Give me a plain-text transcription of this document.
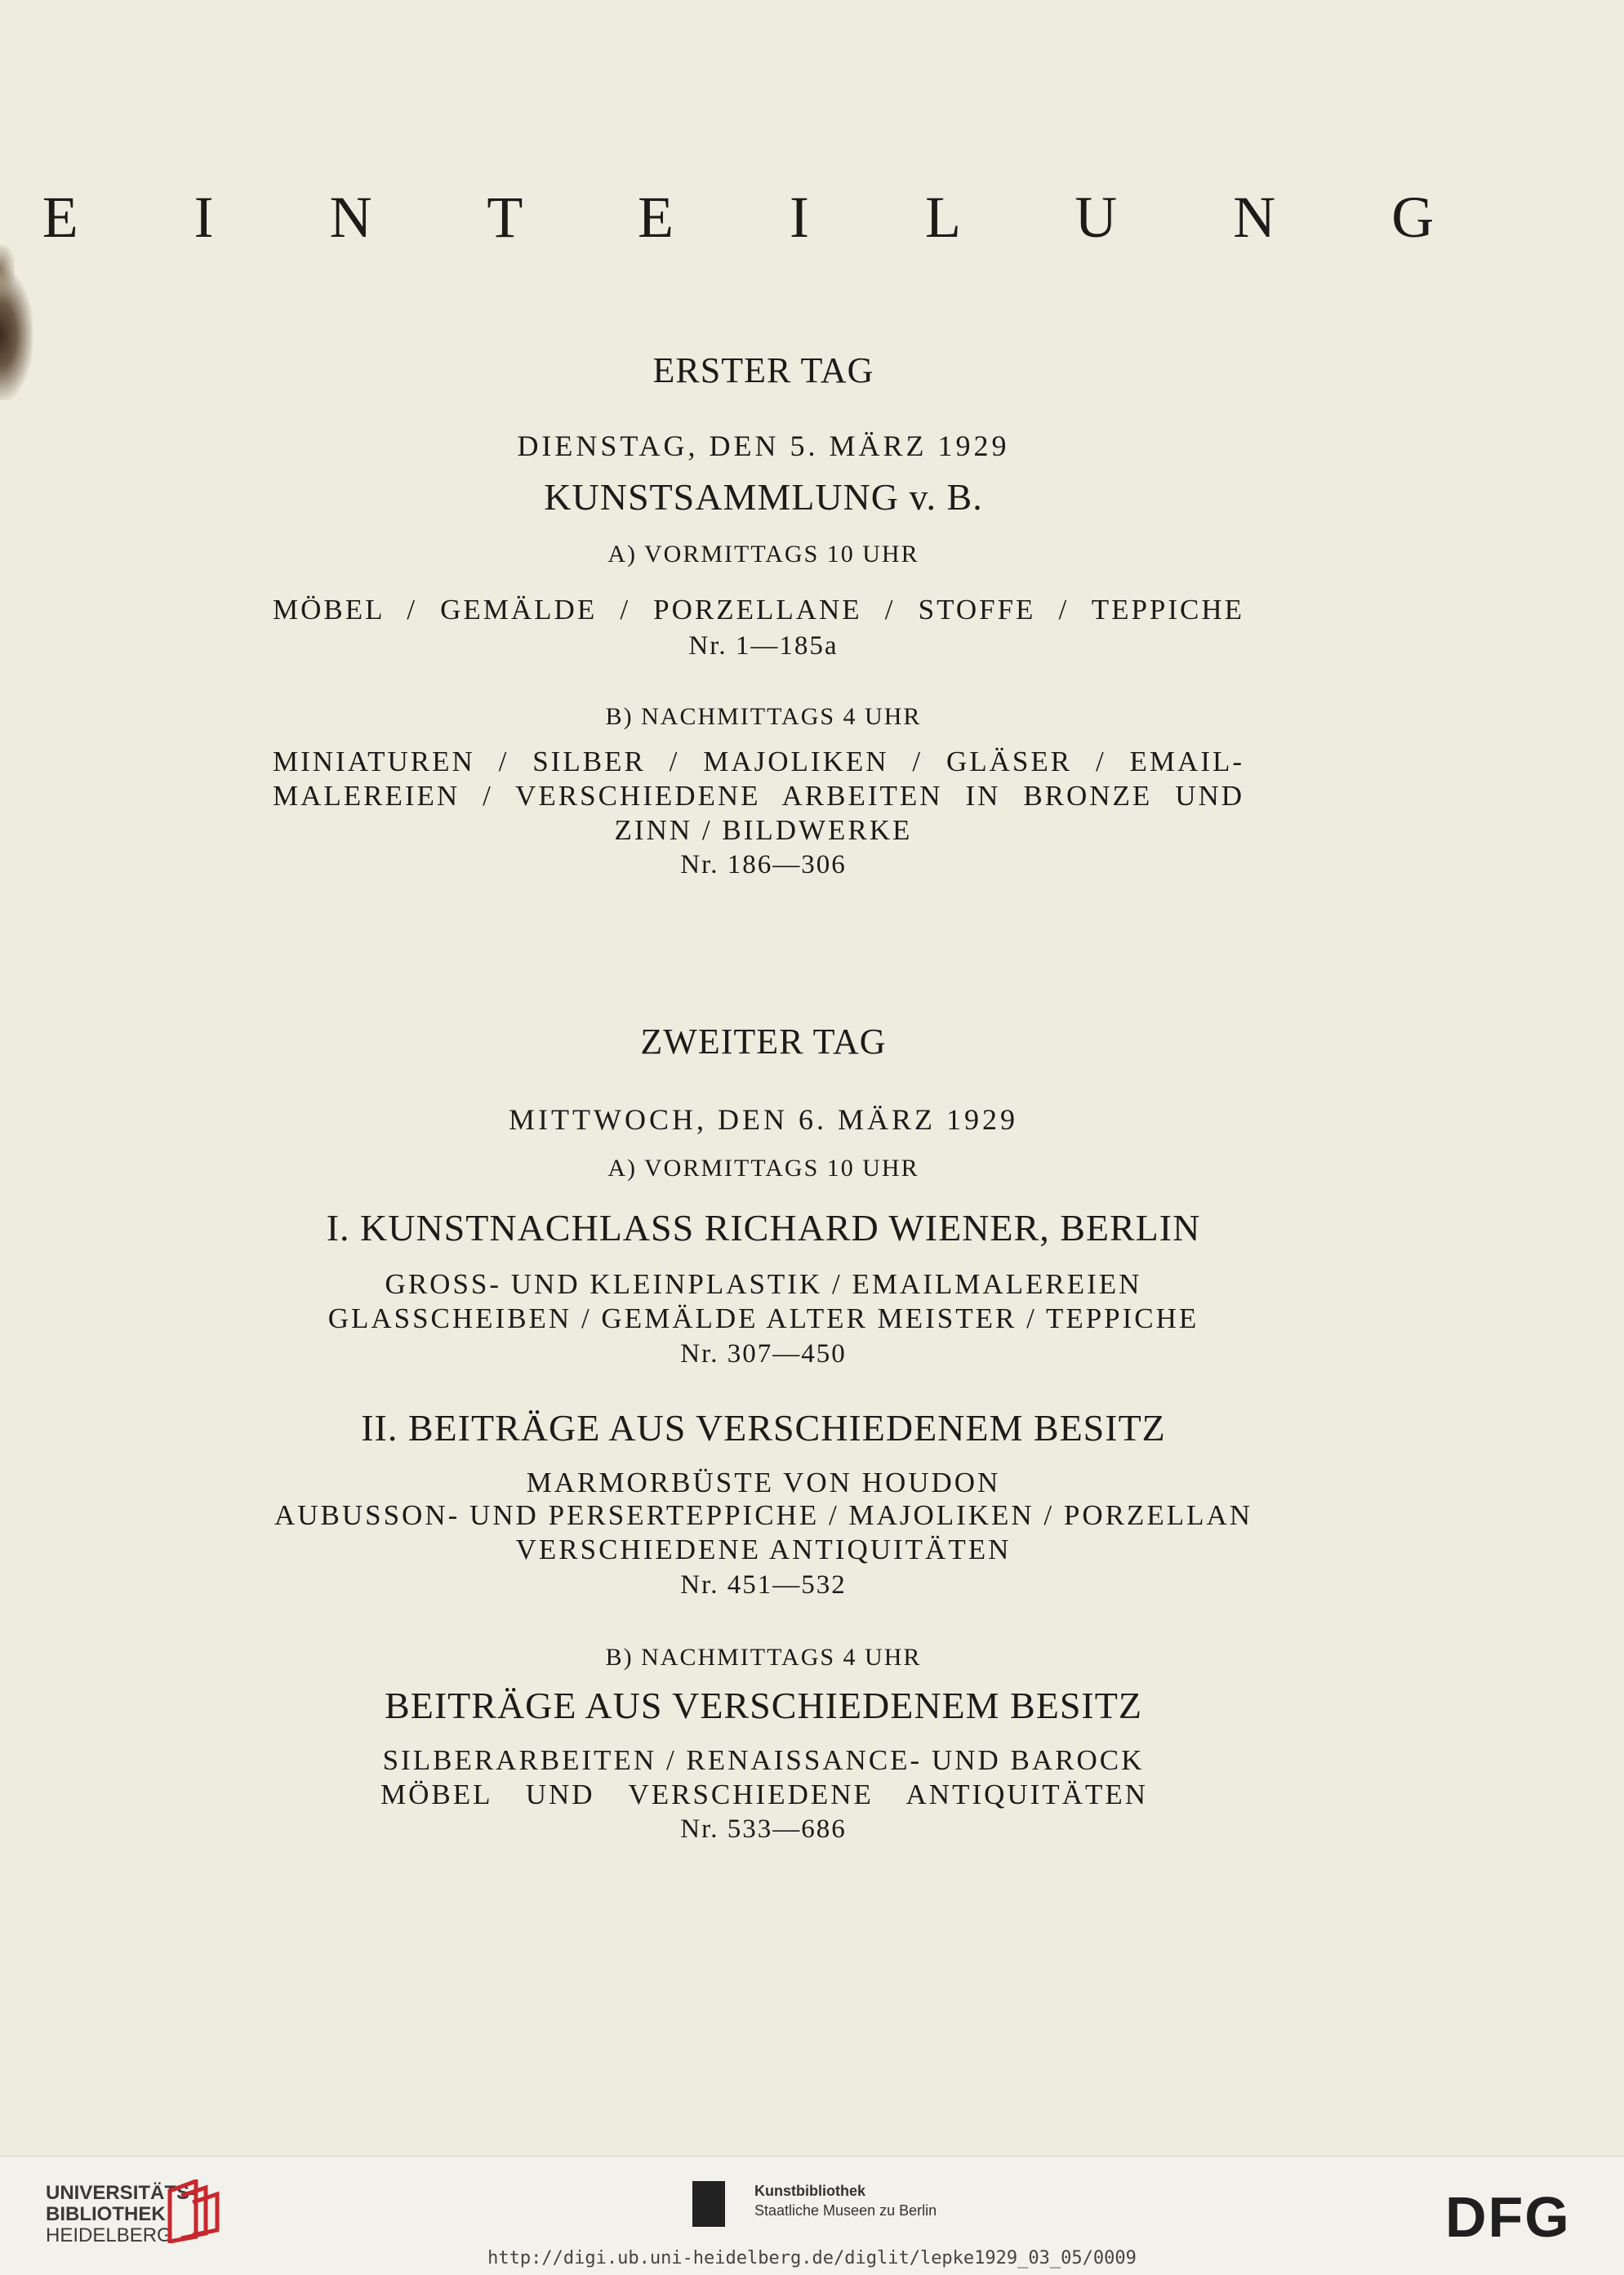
E I N T E I L U N G
ERSTER TAG
DIENSTAG, DEN 5. MÄRZ 1929
KUNSTSAMMLUNG v. B.
A) VORMITTAGS 10 UHR
MÖBEL / GEMÄLDE / PORZELLANE / STOFFE / TEPPICHE
Nr. 1—185a
B) NACHMITTAGS 4 UHR
MINIATUREN / SILBER / MAJOLIKEN / GLÄSER / EMAIL-
MALEREIEN / VERSCHIEDENE ARBEITEN IN BRONZE UND
ZINN / BILDWERKE
Nr. 186—306
ZWEITER TAG
MITTWOCH, DEN 6. MÄRZ 1929
A) VORMITTAGS 10 UHR
I. KUNSTNACHLASS RICHARD WIENER, BERLIN
GROSS- UND KLEINPLASTIK / EMAILMALEREIEN
GLASSCHEIBEN / GEMÄLDE ALTER MEISTER / TEPPICHE
Nr. 307—450
II. BEITRÄGE AUS VERSCHIEDENEM BESITZ
MARMORBÜSTE VON HOUDON
AUBUSSON- UND PERSERTEPPICHE / MAJOLIKEN / PORZELLAN
VERSCHIEDENE ANTIQUITÄTEN
Nr. 451—532
B) NACHMITTAGS 4 UHR
BEITRÄGE AUS VERSCHIEDENEM BESITZ
SILBERARBEITEN / RENAISSANCE- UND BAROCK
MÖBEL UND VERSCHIEDENE ANTIQUITÄTEN
Nr. 533—686
UNIVERSITÄTS-
BIBLIOTHEK
HEIDELBERG
Kunstbibliothek
Staatliche Museen zu Berlin	DFG
http://digi.ub.uni-heidelberg.de/diglit/lepke1929_03_05/0009
